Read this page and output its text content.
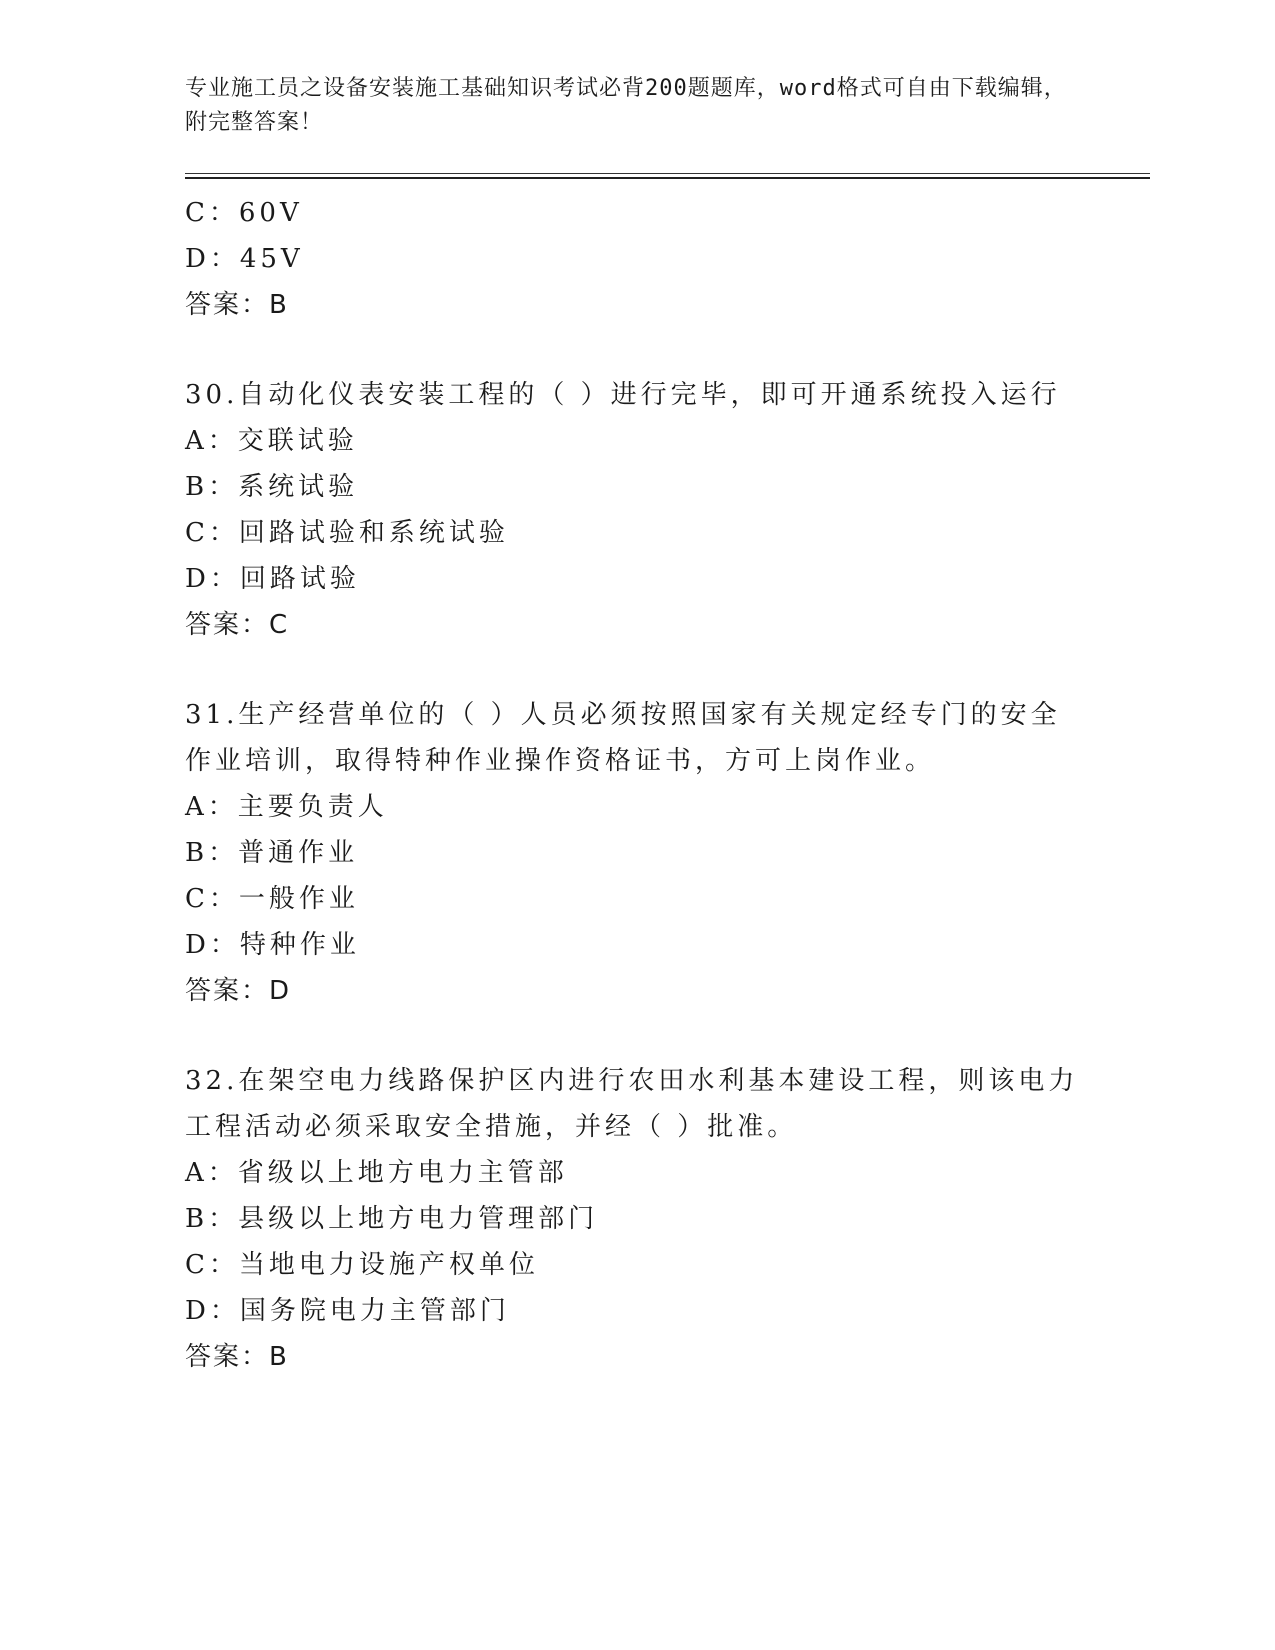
专业施工员之设备安装施工基础知识考试必背200题题库，word格式可自由下载编辑，附完整答案！
C：60V
D：45V
答案：B
30.自动化仪表安装工程的（ ）进行完毕，即可开通系统投入运行
A：交联试验
B：系统试验
C：回路试验和系统试验
D：回路试验
答案：C
31.生产经营单位的（ ）人员必须按照国家有关规定经专门的安全作业培训，取得特种作业操作资格证书，方可上岗作业。
A：主要负责人
B：普通作业
C：一般作业
D：特种作业
答案：D
32.在架空电力线路保护区内进行农田水利基本建设工程，则该电力工程活动必须采取安全措施，并经（ ）批准。
A：省级以上地方电力主管部
B：县级以上地方电力管理部门
C：当地电力设施产权单位
D：国务院电力主管部门
答案：B
